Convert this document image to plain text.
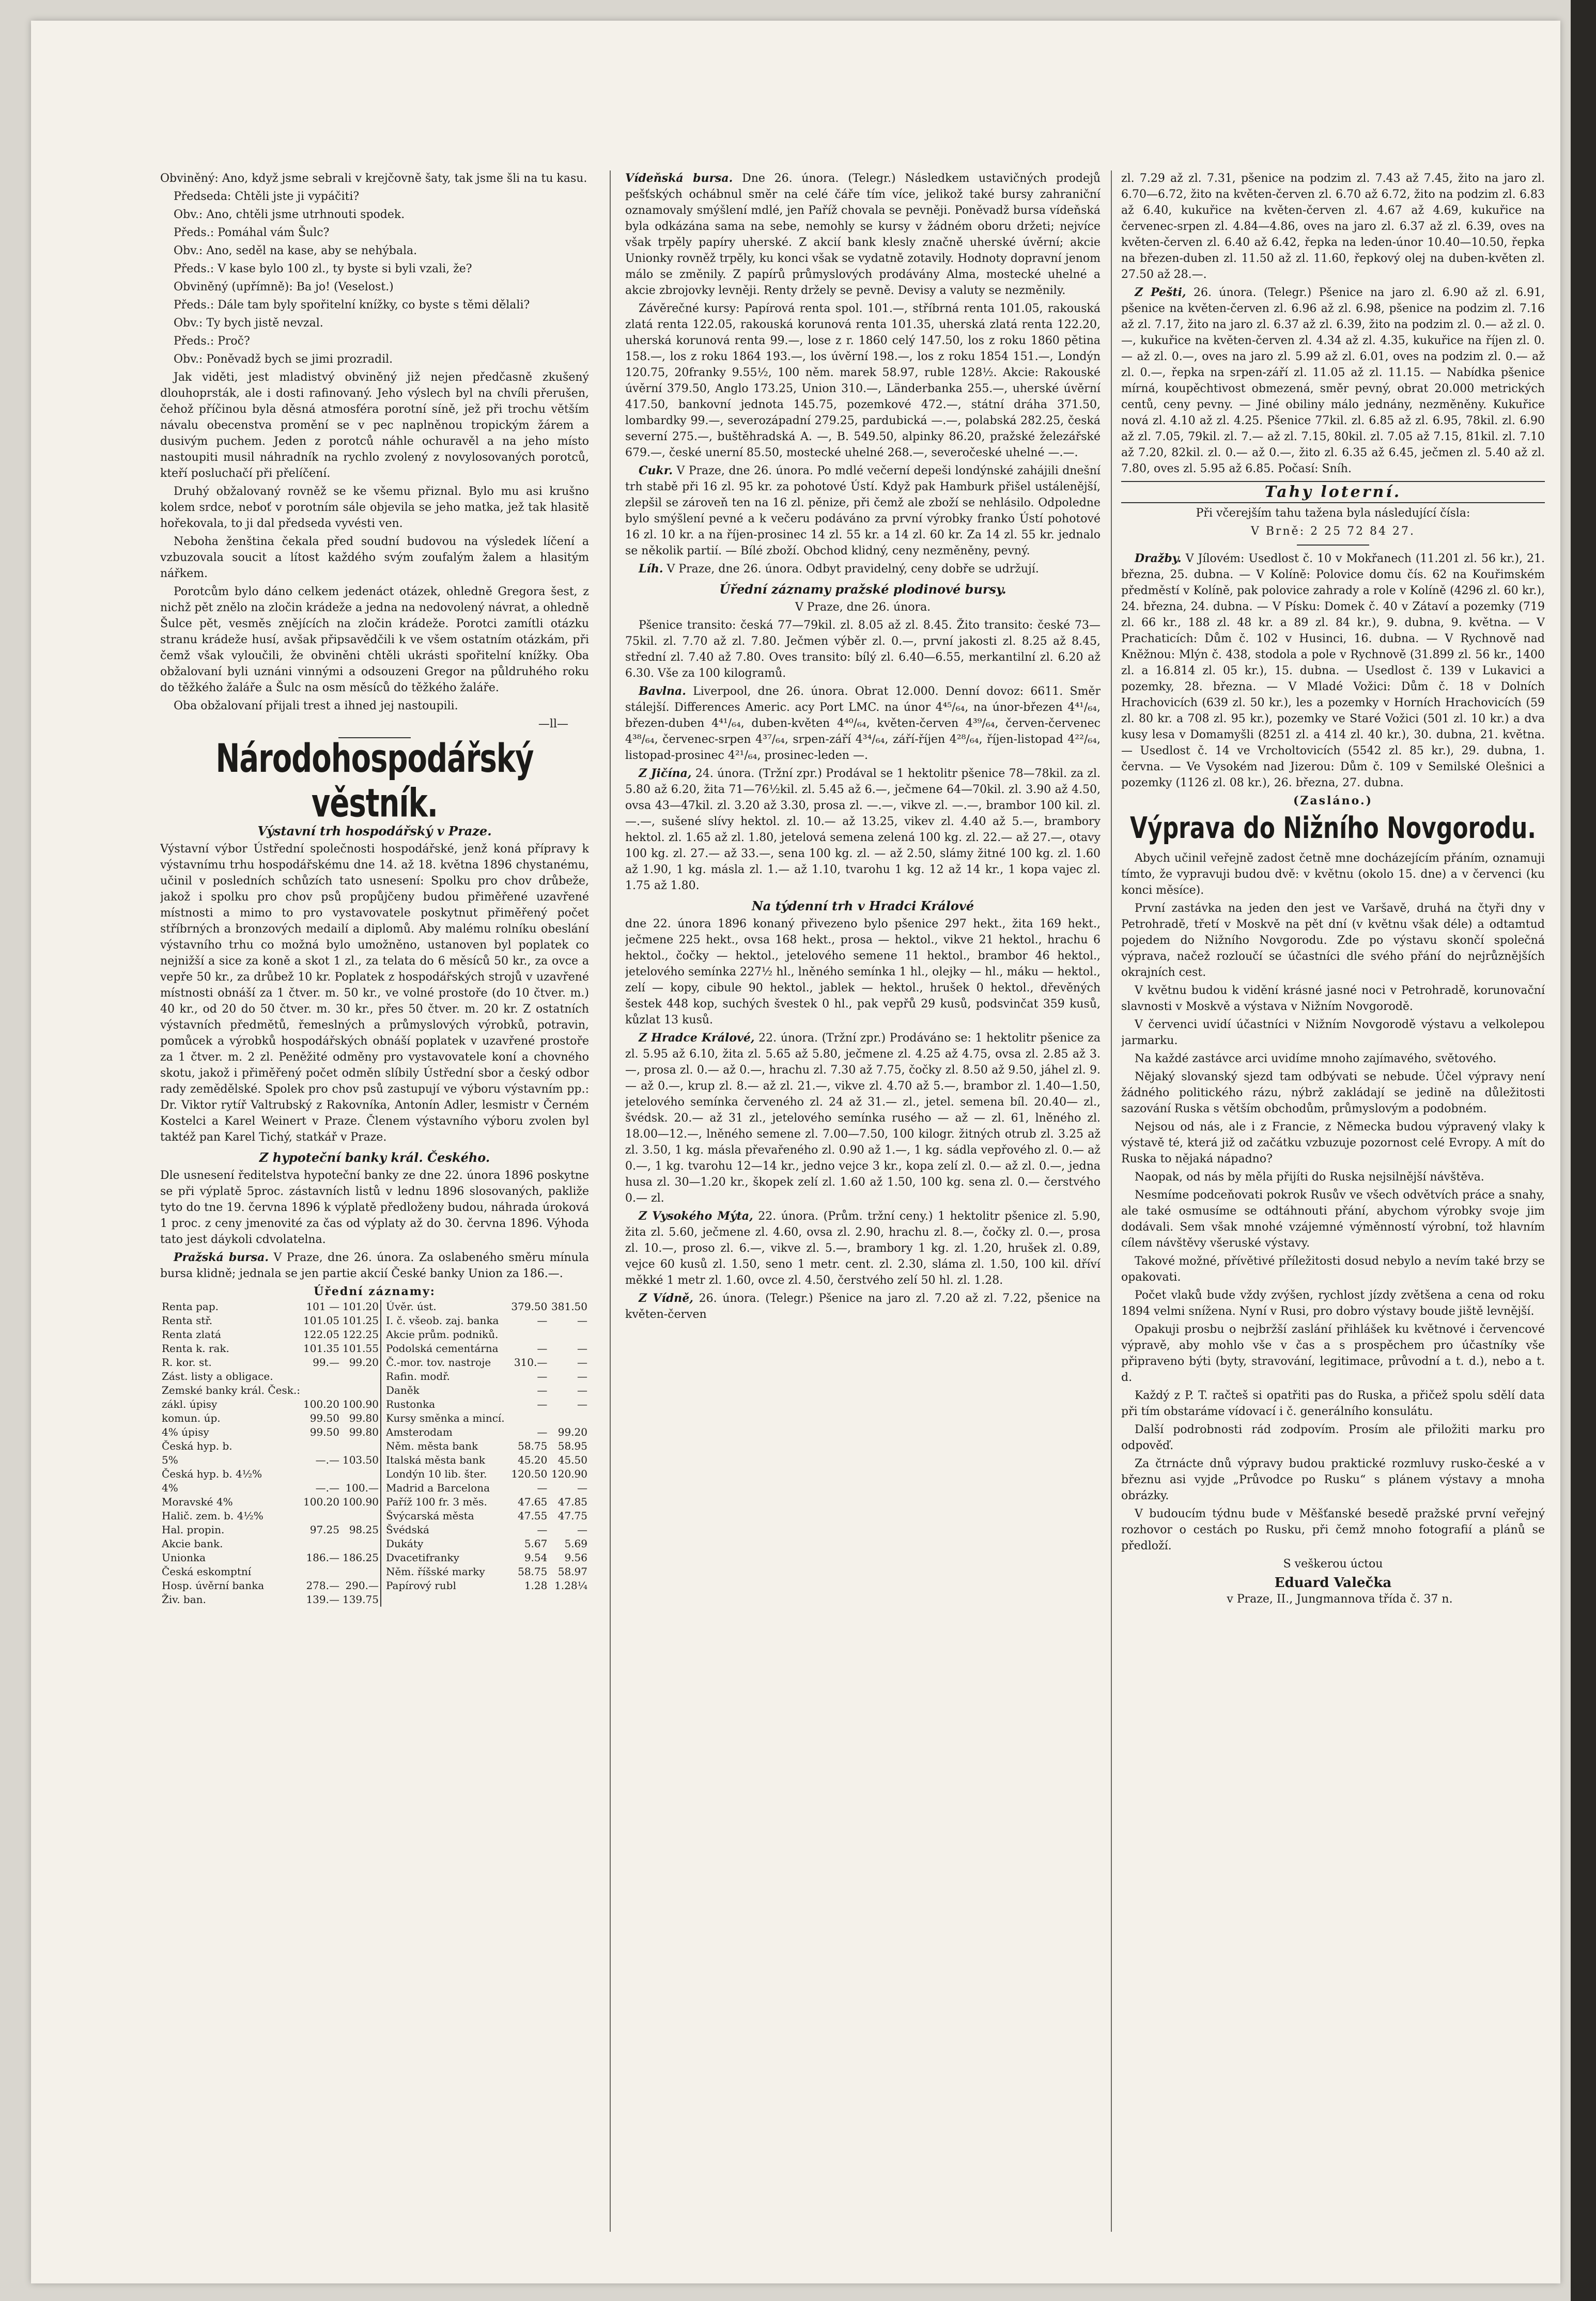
Obviněný: Ano, když jsme sebrali v krejčovně šaty, tak jsme šli na tu kasu.

Předseda: Chtěli jste ji vypáčiti?

Obv.: Ano, chtěli jsme utrhnouti spodek.

Předs.: Pomáhal vám Šulc?

Obv.: Ano, seděl na kase, aby se nehýbala.

Předs.: V kase bylo 100 zl., ty byste si byli vzali, že?

Obviněný (upřímně): Ba jo! (Veselost.)

Předs.: Dále tam byly spořitelní knížky, co byste s těmi dělali?

Obv.: Ty bych jistě nevzal.

Předs.: Proč?

Obv.: Poněvadž bych se jimi prozradil.

Jak viděti, jest mladistvý obviněný již nejen předčasně zkušený dlouhoprsták, ale i dosti rafinovaný. Jeho výslech byl na chvíli přerušen, čehož příčinou byla děsná atmosféra porotní síně, jež při trochu větším návalu obecenstva promění se v pec naplněnou tropickým žárem a dusivým puchem. Jeden z porotců náhle ochuravěl a na jeho místo nastoupiti musil náhradník na rychlo zvolený z novylosovaných porotců, kteří posluchačí při přelíčení.

Druhý obžalovaný rovněž se ke všemu přiznal. Bylo mu asi krušno kolem srdce, neboť v porotním sále objevila se jeho matka, jež tak hlasitě hořekovala, to ji dal předseda vyvésti ven.

Neboha ženština čekala před soudní budovou na výsledek líčení a vzbuzovala soucit a lítost každého svým zoufalým žalem a hlasitým nářkem.

Porotcům bylo dáno celkem jedenáct otázek, ohledně Gregora šest, z nichž pět znělo na zločin krádeže a jedna na nedovolený návrat, a ohledně Šulce pět, vesměs znějících na zločin krádeže. Porotci zamítli otázku stranu krádeže husí, avšak připsavědčili k ve všem ostatním otázkám, při čemž však vyloučili, že obviněni chtěli ukrásti spořitelní knížky. Oba obžalovaní byli uznáni vinnými a odsouzeni Gregor na půldruhého roku do těžkého žaláře a Šulc na osm měsíců do těžkého žaláře.

Oba obžalovaní přijali trest a ihned jej nastoupili.

—ll—

Národohospodářský věstník.
Výstavní trh hospodářský v Praze.

Výstavní výbor Ústřední společnosti hospodářské, jenž koná přípravy k výstavnímu trhu hospodářskému dne 14. až 18. května 1896 chystanému, učinil v posledních schůzích tato usnesení: Spolku pro chov drůbeže, jakož i spolku pro chov psů propůjčeny budou přiměřené uzavřené místnosti a mimo to pro vystavovatele poskytnut přiměřený počet stříbrných a bronzových medailí a diplomů. Aby malému rolníku obeslání výstavního trhu co možná bylo umožněno, ustanoven byl poplatek co nejnižší a sice za koně a skot 1 zl., za telata do 6 měsíců 50 kr., za ovce a vepře 50 kr., za drůbež 10 kr. Poplatek z hospodářských strojů v uzavřené místnosti obnáší za 1 čtver. m. 50 kr., ve volné prostoře (do 10 čtver. m.) 40 kr., od 20 do 50 čtver. m. 30 kr., přes 50 čtver. m. 20 kr. Z ostatních výstavních předmětů, řemeslných a průmyslových výrobků, potravin, pomůcek a výrobků hospodářských obnáší poplatek v uzavřené prostoře za 1 čtver. m. 2 zl. Peněžité odměny pro vystavovatele koní a chovného skotu, jakož i přiměřený počet odměn slíbily Ústřední sbor a český odbor rady zemědělské. Spolek pro chov psů zastupují ve výboru výstavním pp.: Dr. Viktor rytíř Valtrubský z Rakovníka, Antonín Adler, lesmistr v Černém Kostelci a Karel Weinert v Praze. Členem výstavního výboru zvolen byl taktéž pan Karel Tichý, statkář v Praze.

Z hypoteční banky král. Českého.

Dle usnesení ředitelstva hypoteční banky ze dne 22. února 1896 poskytne se při výplatě 5proc. zástavních listů v lednu 1896 slosovaných, pakliže tyto do tne 19. června 1896 k výplatě předloženy budou, náhrada úroková 1 proc. z ceny jmenovité za čas od výplaty až do 30. června 1896. Výhoda tato jest dáykoli cdvolatelna.

Pražská bursa. V Praze, dne 26. února. Za oslabeného směru mínula bursa klidně; jednala se jen partie akcií České banky Union za 186.—.

Úřední záznamy:
Renta pap.	101 —	101.20
Renta stř.	101.05	101.25
Renta zlatá	122.05	122.25
Renta k. rak.	101.35	101.55
R. kor. st.	99.—	99.20
Zást. listy a obligace.		
Zemské banky král. Česk.:		
zákl. úpisy	100.20	100.90
komun. úp.	99.50	99.80
4% úpisy	99.50	99.80
Česká hyp. b.		
5%	—.—	103.50
Česká hyp. b. 4½%		
4%	—.—	100.—
Moravské 4%	100.20	100.90
Halič. zem. b. 4½%		
Hal. propin.	97.25	98.25
Akcie bank.		
Unionka	186.—	186.25
Česká eskomptní		
Hosp. úvěrní banka	278.—	290.—
Živ. ban.	139.—	139.75
Úvěr. úst.	379.50	381.50
I. č. všeob. zaj. banka	—	—
Akcie prům. podniků.		
Podolská cementárna	—	—
Č.-mor. tov. nastroje	310.—	—
Rafin. modř.	—	—
Daněk	—	—
Rustonka	—	—
Kursy směnka a mincí.		
Amsterodam	—	99.20
Něm. města bank	58.75	58.95
Italská města bank	45.20	45.50
Londýn 10 lib. šter.	120.50	120.90
Madrid a Barcelona	—	—
Paříž 100 fr. 3 měs.	47.65	47.85
Švýcarská města	47.55	47.75
Švédská	—	—
Dukáty	5.67	5.69
Dvacetifranky	9.54	9.56
Něm. říšské marky	58.75	58.97
Papírový rubl	1.28	1.28¼

Vídeňská bursa. Dne 26. února. (Telegr.) Následkem ustavičných prodejů pešťských ochábnul směr na celé čáře tím více, jelikož také bursy zahraniční oznamovaly smýšlení mdlé, jen Paříž chovala se pevněji. Poněvadž bursa vídeňská byla odkázána sama na sebe, nemohly se kursy v žádném oboru držeti; nejvíce však trpěly papíry uherské. Z akcií bank klesly značně uherské úvěrní; akcie Unionky rovněž trpěly, ku konci však se vydatně zotavily. Hodnoty dopravní jenom málo se změnily. Z papírů průmyslových prodávány Alma, mostecké uhelné a akcie zbrojovky levněji. Renty držely se pevně. Devisy a valuty se nezměnily.

Závěrečné kursy: Papírová renta spol. 101.—, stříbrná renta 101.05, rakouská zlatá renta 122.05, rakouská korunová renta 101.35, uherská zlatá renta 122.20, uherská korunová renta 99.—, lose z r. 1860 celý 147.50, los z roku 1860 pětina 158.—, los z roku 1864 193.—, los úvěrní 198.—, los z roku 1854 151.—, Londýn 120.75, 20franky 9.55½, 100 něm. marek 58.97, ruble 128½. Akcie: Rakouské úvěrní 379.50, Anglo 173.25, Union 310.—, Länderbanka 255.—, uherské úvěrní 417.50, bankovní jednota 145.75, pozemkové 472.—, státní dráha 371.50, lombardky 99.—, severozápadní 279.25, pardubická —.—, polabská 282.25, česká severní 275.—, buštěhradská A. —, B. 549.50, alpinky 86.20, pražské železářské 679.—, české unerní 85.50, mostecké uhelné 268.—, severočeské uhelné —.—.

Cukr. V Praze, dne 26. února. Po mdlé večerní depeši londýnské zahájili dnešní trh stabě při 16 zl. 95 kr. za pohotové Ústí. Když pak Hamburk přišel ustálenější, zlepšil se zároveň ten na 16 zl. pěnize, při čemž ale zboží se nehlásilo. Odpoledne bylo smýšlení pevné a k večeru podáváno za první výrobky franko Ústí pohotové 16 zl. 10 kr. a na říjen-prosinec 14 zl. 55 kr. a 14 zl. 60 kr. Za 14 zl. 55 kr. jednalo se několik partií. — Bílé zboží. Obchod klidný, ceny nezměněny, pevný.

Líh. V Praze, dne 26. února. Odbyt pravidelný, ceny dobře se udržují.

Úřední záznamy pražské plodinové bursy.

V Praze, dne 26. února.

Pšenice transito: česká 77—79kil. zl. 8.05 až zl. 8.45. Žito transito: české 73—75kil. zl. 7.70 až zl. 7.80. Ječmen výběr zl. 0.—, první jakosti zl. 8.25 až 8.45, střední zl. 7.40 až 7.80. Oves transito: bílý zl. 6.40—6.55, merkantilní zl. 6.20 až 6.30. Vše za 100 kilogramů.

Bavlna. Liverpool, dne 26. února. Obrat 12.000. Denní dovoz: 6611. Směr stálejší. Differences Americ. acy Port LMC. na únor 4⁴⁵/₆₄, na únor-březen 4⁴¹/₆₄, březen-duben 4⁴¹/₆₄, duben-květen 4⁴⁰/₆₄, květen-červen 4³⁹/₆₄, červen-červenec 4³⁸/₆₄, červenec-srpen 4³⁷/₆₄, srpen-září 4³⁴/₆₄, září-říjen 4²⁸/₆₄, říjen-listopad 4²²/₆₄, listopad-prosinec 4²¹/₆₄, prosinec-leden —.

Z Jičína, 24. února. (Tržní zpr.) Prodával se 1 hektolitr pšenice 78—78kil. za zl. 5.80 až 6.20, žita 71—76½kil. zl. 5.45 až 6.—, ječmene 64—70kil. zl. 3.90 až 4.50, ovsa 43—47kil. zl. 3.20 až 3.30, prosa zl. —.—, vikve zl. —.—, brambor 100 kil. zl. —.—, sušené slívy hektol. zl. 10.— až 13.25, vikev zl. 4.40 až 5.—, brambory hektol. zl. 1.65 až zl. 1.80, jetelová semena zelená 100 kg. zl. 22.— až 27.—, otavy 100 kg. zl. 27.— až 33.—, sena 100 kg. zl. — až 2.50, slámy žitné 100 kg. zl. 1.60 až 1.90, 1 kg. másla zl. 1.— až 1.10, tvarohu 1 kg. 12 až 14 kr., 1 kopa vajec zl. 1.75 až 1.80.

Na týdenní trh v Hradci Králové

dne 22. února 1896 konaný přivezeno bylo pšenice 297 hekt., žita 169 hekt., ječmene 225 hekt., ovsa 168 hekt., prosa — hektol., vikve 21 hektol., hrachu 6 hektol., čočky — hektol., jetelového semene 11 hektol., brambor 46 hektol., jetelového semínka 227½ hl., lněného semínka 1 hl., olejky — hl., máku — hektol., zelí — kopy, cibule 90 hektol., jablek — hektol., hrušek 0 hektol., dřevěných šestek 448 kop, suchých švestek 0 hl., pak vepřů 29 kusů, podsvinčat 359 kusů, kůzlat 13 kusů.

Z Hradce Králové, 22. února. (Tržní zpr.) Prodáváno se: 1 hektolitr pšenice za zl. 5.95 až 6.10, žita zl. 5.65 až 5.80, ječmene zl. 4.25 až 4.75, ovsa zl. 2.85 až 3.—, prosa zl. 0.— až 0.—, hrachu zl. 7.30 až 7.75, čočky zl. 8.50 až 9.50, jáhel zl. 9.— až 0.—, krup zl. 8.— až zl. 21.—, vikve zl. 4.70 až 5.—, brambor zl. 1.40—1.50, jetelového semínka červeného zl. 24 až 31.— zl., jetel. semena bíl. 20.40— zl., švédsk. 20.— až 31 zl., jetelového semínka rusého — až — zl. 61, lněného zl. 18.00—12.—, lněného semene zl. 7.00—7.50, 100 kilogr. žitných otrub zl. 3.25 až zl. 3.50, 1 kg. másla převařeného zl. 0.90 až 1.—, 1 kg. sádla vepřového zl. 0.— až 0.—, 1 kg. tvarohu 12—14 kr., jedno vejce 3 kr., kopa zelí zl. 0.— až zl. 0.—, jedna husa zl. 30—1.20 kr., škopek zelí zl. 1.60 až 1.50, 100 kg. sena zl. 0.— čerstvého 0.— zl.

Z Vysokého Mýta, 22. února. (Prům. tržní ceny.) 1 hektolitr pšenice zl. 5.90, žita zl. 5.60, ječmene zl. 4.60, ovsa zl. 2.90, hrachu zl. 8.—, čočky zl. 0.—, prosa zl. 10.—, proso zl. 6.—, vikve zl. 5.—, brambory 1 kg. zl. 1.20, hrušek zl. 0.89, vejce 60 kusů zl. 1.50, seno 1 metr. cent. zl. 2.30, sláma zl. 1.50, 100 kil. dříví měkké 1 metr zl. 1.60, ovce zl. 4.50, čerstvého zelí 50 hl. zl. 1.28.

Z Vídně, 26. února. (Telegr.) Pšenice na jaro zl. 7.20 až zl. 7.22, pšenice na květen-červen

zl. 7.29 až zl. 7.31, pšenice na podzim zl. 7.43 až 7.45, žito na jaro zl. 6.70—6.72, žito na květen-červen zl. 6.70 až 6.72, žito na podzim zl. 6.83 až 6.40, kukuřice na květen-červen zl. 4.67 až 4.69, kukuřice na červenec-srpen zl. 4.84—4.86, oves na jaro zl. 6.37 až zl. 6.39, oves na květen-červen zl. 6.40 až 6.42, řepka na leden-únor 10.40—10.50, řepka na březen-duben zl. 11.50 až zl. 11.60, řepkový olej na duben-květen zl. 27.50 až 28.—.

Z Pešti, 26. února. (Telegr.) Pšenice na jaro zl. 6.90 až zl. 6.91, pšenice na květen-červen zl. 6.96 až zl. 6.98, pšenice na podzim zl. 7.16 až zl. 7.17, žito na jaro zl. 6.37 až zl. 6.39, žito na podzim zl. 0.— až zl. 0.—, kukuřice na květen-červen zl. 4.34 až zl. 4.35, kukuřice na říjen zl. 0.— až zl. 0.—, oves na jaro zl. 5.99 až zl. 6.01, oves na podzim zl. 0.— až zl. 0.—, řepka na srpen-září zl. 11.05 až zl. 11.15. — Nabídka pšenice mírná, koupěchtivost obmezená, směr pevný, obrat 20.000 metrických centů, ceny pevny. — Jiné obiliny málo jednány, nezměněny. Kukuřice nová zl. 4.10 až zl. 4.25. Pšenice 77kil. zl. 6.85 až zl. 6.95, 78kil. zl. 6.90 až zl. 7.05, 79kil. zl. 7.— až zl. 7.15, 80kil. zl. 7.05 až 7.15, 81kil. zl. 7.10 až 7.20, 82kil. zl. 0.— až 0.—, žito zl. 6.35 až 6.45, ječmen zl. 5.40 až zl. 7.80, oves zl. 5.95 až 6.85. Počasí: Sníh.

Tahy loterní.

Při včerejším tahu tažena byla následující čísla:

V Brně: 2 25 72 84 27.

Dražby. V Jílovém: Usedlost č. 10 v Mokřanech (11.201 zl. 56 kr.), 21. března, 25. dubna. — V Kolíně: Polovice domu čís. 62 na Kouřimském předměstí v Kolíně, pak polovice zahrady a role v Kolíně (4296 zl. 60 kr.), 24. března, 24. dubna. — V Písku: Domek č. 40 v Zátaví a pozemky (719 zl. 66 kr., 188 zl. 48 kr. a 89 zl. 84 kr.), 9. dubna, 9. května. — V Prachaticích: Dům č. 102 v Husinci, 16. dubna. — V Rychnově nad Kněžnou: Mlýn č. 438, stodola a pole v Rychnově (31.899 zl. 56 kr., 1400 zl. a 16.814 zl. 05 kr.), 15. dubna. — Usedlost č. 139 v Lukavici a pozemky, 28. března. — V Mladé Vožici: Dům č. 18 v Dolních Hrachovicích (639 zl. 50 kr.), les a pozemky v Horních Hrachovicích (59 zl. 80 kr. a 708 zl. 95 kr.), pozemky ve Staré Vožici (501 zl. 10 kr.) a dva kusy lesa v Domamyšli (8251 zl. a 414 zl. 40 kr.), 30. dubna, 21. května. — Usedlost č. 14 ve Vrcholtovicích (5542 zl. 85 kr.), 29. dubna, 1. června. — Ve Vysokém nad Jizerou: Dům č. 109 v Semilské Olešnici a pozemky (1126 zl. 08 kr.), 26. března, 27. dubna.

(Zasláno.)
Výprava do Nižního Novgorodu.

Abych učinil veřejně zadost četně mne docházejícím přáním, oznamuji tímto, že vypravuji budou dvě: v květnu (okolo 15. dne) a v červenci (ku konci měsíce).

První zastávka na jeden den jest ve Varšavě, druhá na čtyři dny v Petrohradě, třetí v Moskvě na pět dní (v květnu však déle) a odtamtud pojedem do Nižního Novgorodu. Zde po výstavu skončí společná výprava, načež rozloučí se účastníci dle svého přání do nejrůznějších okrajních cest.

V květnu budou k vidění krásné jasné noci v Petrohradě, korunovační slavnosti v Moskvě a výstava v Nižním Novgorodě.

V červenci uvidí účastníci v Nižním Novgorodě výstavu a velkolepou jarmarku.

Na každé zastávce arci uvidíme mnoho zajímavého, světového.

Nějaký slovanský sjezd tam odbývati se nebude. Účel výpravy není žádného politického rázu, nýbrž zakládají se jedině na důležitosti sazování Ruska s větším obchodům, průmyslovým a podobném.

Nejsou od nás, ale i z Francie, z Německa budou výpravený vlaky k výstavě té, která již od začátku vzbuzuje pozornost celé Evropy. A mít do Ruska to nějaká nápadno?

Naopak, od nás by měla přijíti do Ruska nejsilnější návštěva.

Nesmíme podceňovati pokrok Rusův ve všech odvětvích práce a snahy, ale také osmusíme se odtáhnouti přání, abychom výrobky svoje jim dodávali. Sem však mnohé vzájemné výměnností výrobní, tož hlavním cílem návštěvy všeruské výstavy.

Takové možné, přívětivé příležitosti dosud nebylo a nevím také brzy se opakovati.

Počet vlaků bude vždy zvýšen, rychlost jízdy zvětšena a cena od roku 1894 velmi snížena. Nyní v Rusi, pro dobro výstavy boude jiště levnější.

Opakuji prosbu o nejbržší zaslání přihlášek ku květnové i červencové výpravě, aby mohlo vše v čas a s prospěchem pro účastníky vše připraveno býti (byty, stravování, legitimace, průvodní a t. d.), nebo a t. d.

Každý z P. T. račteš si opatřiti pas do Ruska, a přičež spolu sdělí data při tím obstaráme vídovací i č. generálního konsulátu.

Další podrobnosti rád zodpovím. Prosím ale přiložiti marku pro odpověď.

Za čtrnácte dnů výpravy budou praktické rozmluvy rusko-české a v březnu asi vyjde „Průvodce po Rusku“ s plánem výstavy a mnoha obrázky.

V budoucím týdnu bude v Měšťanské besedě pražské první veřejný rozhovor o cestách po Rusku, při čemž mnoho fotografií a plánů se předloží.

S veškerou úctou

Eduard Valečka

v Praze, II., Jungmannova třída č. 37 n.
